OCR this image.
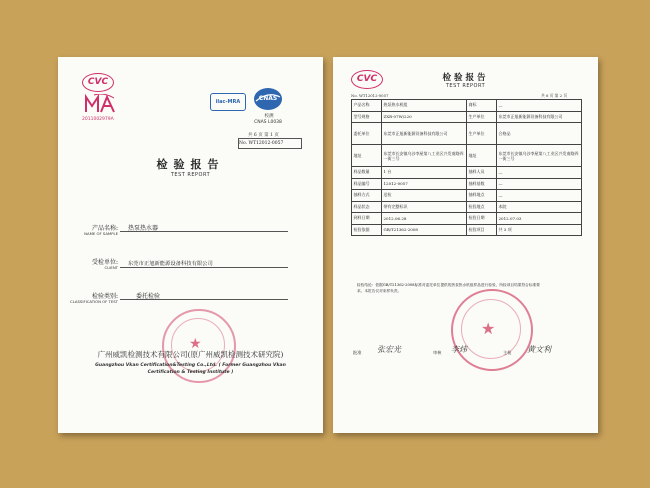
CVC
2011002979A
ilac-MRA	CNAS
校测
CNAS L0038
共 6 页 第 1 页
No. WT12012-0057
检验报告
TEST REPORT
产品名称:
NAME OF SAMPLE
热泵热水器
受检单位:
CLIENT
东莞市正旭新能源设备科技有限公司
检验类别:
CLASSIFICATION OF TEST
委托检验
★
广州威凯检测技术有限公司(原广州威凯检测技术研究院)
Guangzhou Vkan Certification&Testing Co.,Ltd. ( Former Guangzhou Vkan
Certification & Testing Institute )
CVC	检验报告
TEST REPORT
No. WT12012-0057	共 6 页 第 2 页
产品名称	热泵热水机组	商标	—
型号规格	ZXR-07W/220	生产单位	东莞市正旭新能源设备科技有限公司
委托单位	东莞市正旭新能源设备科技有限公司	生产单位	合格品
地址	东莞市长安镇乌沙李屋第八工业区兴发南路四一街三号	地址	东莞市长安镇乌沙李屋第八工业区兴发南路四一街三号
样品数量	1 台	抽样人员	—
样品编号	12012-0057	抽样基数	—
抽样方式	送检	抽样地点	—
样品状态	带有完整标识	检验地点	本院
到样日期	2012.06.28	检验日期	2012.07.03
检验依据	GB/T21362-2008	检验项目	共 3 项
检验结论：依据GB/T21362-2008标准对委托单位提供的热泵热水机组样品进行检验，所检项目结果符合标准要求。本报告仅对来样负责。
★
批准 张宏光	审核 李炜	主检 黄文利
